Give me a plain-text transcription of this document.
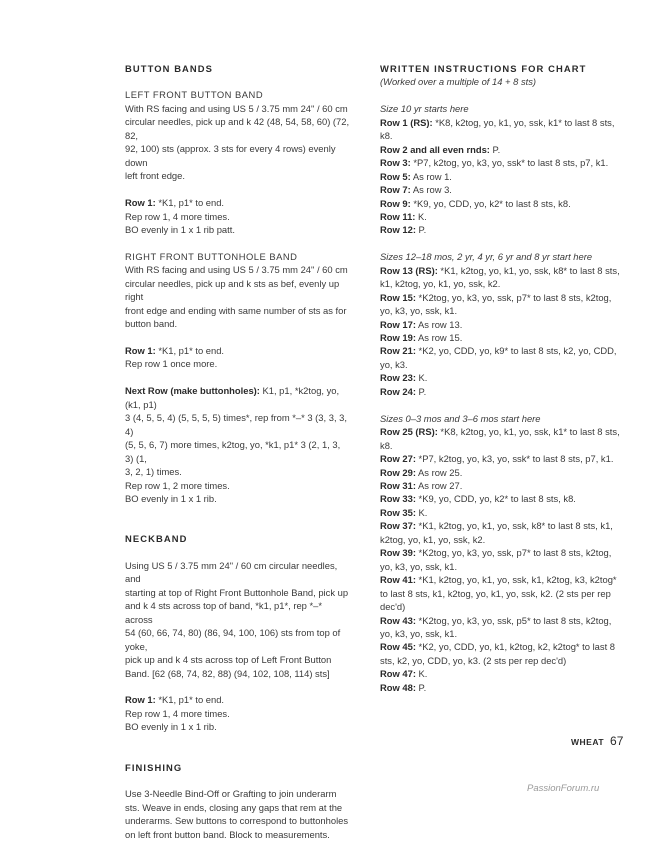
BUTTON BANDS

LEFT FRONT BUTTON BAND

With RS facing and using US 5 / 3.75 mm 24" / 60 cm

circular needles, pick up and k 42 (48, 54, 58, 60) (72, 82,

92, 100) sts (approx. 3 sts for every 4 rows) evenly down

left front edge.

Row 1: *K1, p1* to end.

Rep row 1, 4 more times.

BO evenly in 1 x 1 rib patt.

RIGHT FRONT BUTTONHOLE BAND

With RS facing and using US 5 / 3.75 mm 24" / 60 cm

circular needles, pick up and k sts as bef, evenly up right

front edge and ending with same number of sts as for

button band.

Row 1: *K1, p1* to end.

Rep row 1 once more.

Next Row (make buttonholes): K1, p1, *k2tog, yo, (k1, p1)

3 (4, 5, 5, 4) (5, 5, 5, 5) times*, rep from *–* 3 (3, 3, 3, 4)

(5, 5, 6, 7) more times, k2tog, yo, *k1, p1* 3 (2, 1, 3, 3) (1,

3, 2, 1) times.

Rep row 1, 2 more times.

BO evenly in 1 x 1 rib.

NECKBAND

Using US 5 / 3.75 mm 24" / 60 cm circular needles, and

starting at top of Right Front Buttonhole Band, pick up

and k 4 sts across top of band, *k1, p1*, rep *–* across

54 (60, 66, 74, 80) (86, 94, 100, 106) sts from top of yoke,

pick up and k 4 sts across top of Left Front Button

Band. [62 (68, 74, 82, 88) (94, 102, 108, 114) sts]

Row 1: *K1, p1* to end.

Rep row 1, 4 more times.

BO evenly in 1 x 1 rib.

FINISHING

Use 3-Needle Bind-Off or Grafting to join underarm

sts. Weave in ends, closing any gaps that rem at the

underarms. Sew buttons to correspond to buttonholes

on left front button band. Block to measurements.

WRITTEN INSTRUCTIONS FOR CHART

(Worked over a multiple of 14 + 8 sts)

Size 10 yr starts here

Row 1 (RS): *K8, k2tog, yo, k1, yo, ssk, k1* to last 8 sts, k8.

Row 2 and all even rnds: P.

Row 3: *P7, k2tog, yo, k3, yo, ssk* to last 8 sts, p7, k1.

Row 5: As row 1.

Row 7: As row 3.

Row 9: *K9, yo, CDD, yo, k2* to last 8 sts, k8.

Row 11: K.

Row 12: P.

Sizes 12–18 mos, 2 yr, 4 yr, 6 yr and 8 yr start here

Row 13 (RS): *K1, k2tog, yo, k1, yo, ssk, k8* to last 8 sts,

k1, k2tog, yo, k1, yo, ssk, k2.

Row 15: *K2tog, yo, k3, yo, ssk, p7* to last 8 sts, k2tog,

yo, k3, yo, ssk, k1.

Row 17: As row 13.

Row 19: As row 15.

Row 21: *K2, yo, CDD, yo, k9* to last 8 sts, k2, yo, CDD,

yo, k3.

Row 23: K.

Row 24: P.

Sizes 0–3 mos and 3–6 mos start here

Row 25 (RS): *K8, k2tog, yo, k1, yo, ssk, k1* to last 8 sts,

k8.

Row 27: *P7, k2tog, yo, k3, yo, ssk* to last 8 sts, p7, k1.

Row 29: As row 25.

Row 31: As row 27.

Row 33: *K9, yo, CDD, yo, k2* to last 8 sts, k8.

Row 35: K.

Row 37: *K1, k2tog, yo, k1, yo, ssk, k8* to last 8 sts, k1,

k2tog, yo, k1, yo, ssk, k2.

Row 39: *K2tog, yo, k3, yo, ssk, p7* to last 8 sts, k2tog,

yo, k3, yo, ssk, k1.

Row 41: *K1, k2tog, yo, k1, yo, ssk, k1, k2tog, k3, k2tog*

to last 8 sts, k1, k2tog, yo, k1, yo, ssk, k2. (2 sts per rep

dec'd)

Row 43: *K2tog, yo, k3, yo, ssk, p5* to last 8 sts, k2tog,

yo, k3, yo, ssk, k1.

Row 45: *K2, yo, CDD, yo, k1, k2tog, k2, k2tog* to last 8

sts, k2, yo, CDD, yo, k3. (2 sts per rep dec'd)

Row 47: K.

Row 48: P.

WHEAT 67
PassionForum.ru
